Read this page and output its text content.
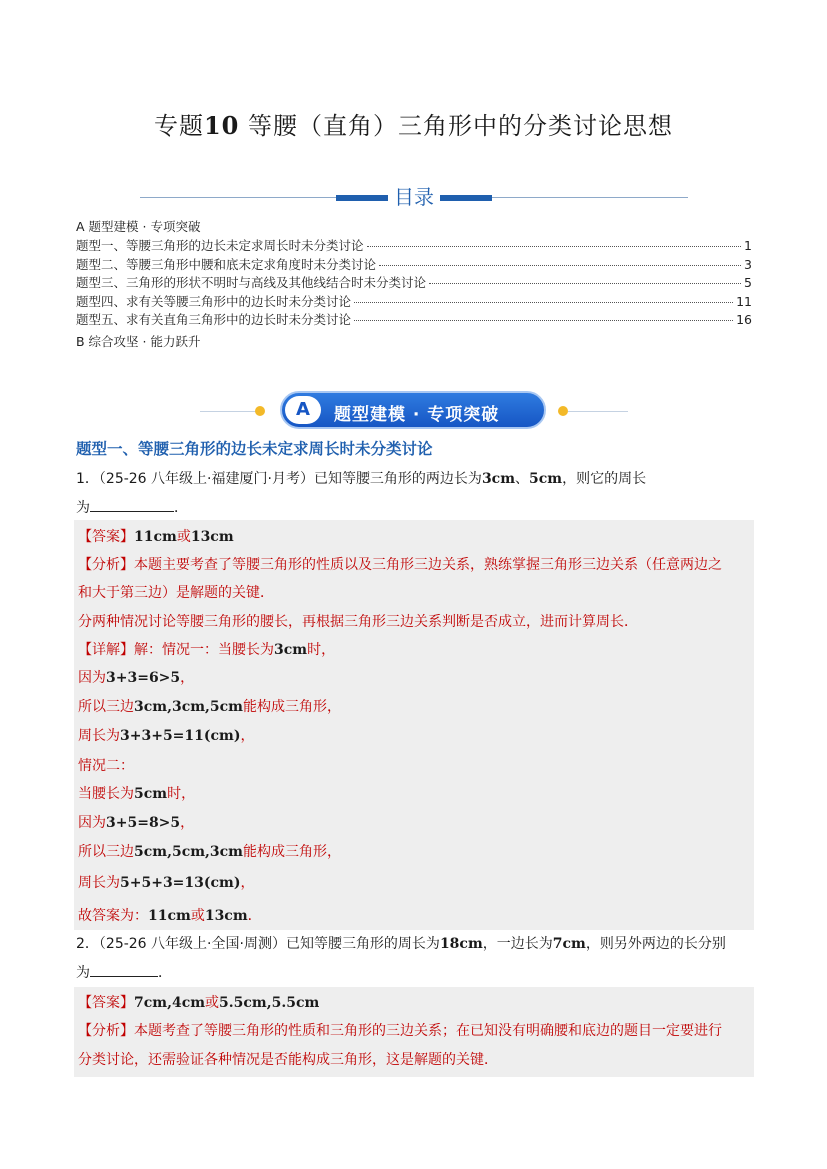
专题10 等腰（直角）三角形中的分类讨论思想
目录
A 题型建模 · 专项突破
题型一、等腰三角形的边长未定求周长时未分类讨论	1
题型二、等腰三角形中腰和底未定求角度时未分类讨论	3
题型三、三角形的形状不明时与高线及其他线结合时未分类讨论	5
题型四、求有关等腰三角形中的边长时未分类讨论	11
题型五、求有关直角三角形中的边长时未分类讨论	16
B 综合攻坚 · 能力跃升
A	题型建模 · 专项突破
题型一、等腰三角形的边长未定求周长时未分类讨论
1．（25-26 八年级上·福建厦门·月考）已知等腰三角形的两边长为3cm、5cm，则它的周长
为	．
【答案】11cm或13cm
【分析】本题主要考查了等腰三角形的性质以及三角形三边关系，熟练掌握三角形三边关系（任意两边之
和大于第三边）是解题的关键．
分两种情况讨论等腰三角形的腰长，再根据三角形三边关系判断是否成立，进而计算周长．
【详解】解：情况一：当腰长为3cm时，
因为3+3=6>5，
所以三边3cm,3cm,5cm能构成三角形，
周长为3+3+5=11(cm)，
情况二：
当腰长为5cm时，
因为3+5=8>5，
所以三边5cm,5cm,3cm能构成三角形，
周长为5+5+3=13(cm)，
故答案为：11cm或13cm．
2．（25-26 八年级上·全国·周测）已知等腰三角形的周长为18cm，一边长为7cm，则另外两边的长分别
为	．
【答案】7cm,4cm或5.5cm,5.5cm
【分析】本题考查了等腰三角形的性质和三角形的三边关系；在已知没有明确腰和底边的题目一定要进行
分类讨论，还需验证各种情况是否能构成三角形，这是解题的关键．
